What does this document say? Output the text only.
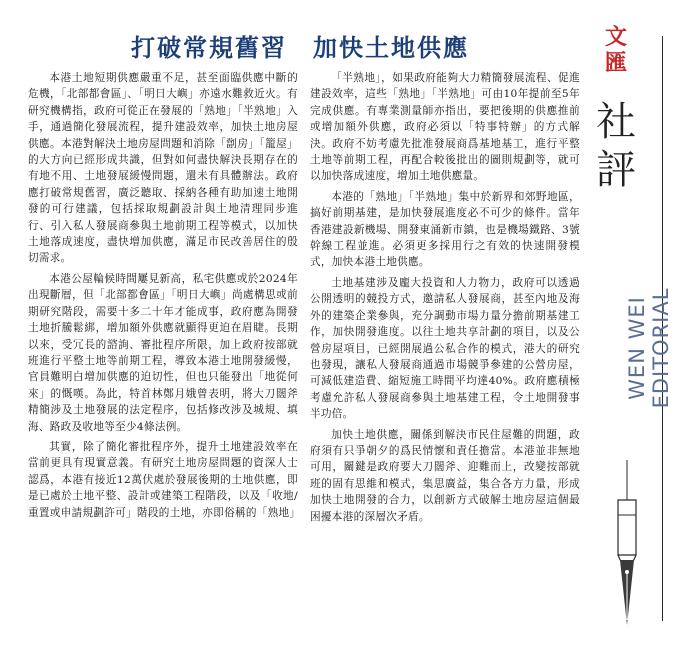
打破常規舊習　加快土地供應

本港土地短期供應嚴重不足，甚至面臨供應中斷的危機，「北部都會區」、「明日大嶼」亦遠水難救近火。有研究機構指，政府可從正在發展的「熟地」「半熟地」入手，通過簡化發展流程，提升建設效率，加快土地房屋供應。本港對解決土地房屋問題和消除「劏房」「籠屋」的大方向已經形成共識，但對如何盡快解決長期存在的有地不用、土地發展緩慢問題，還未有具體辦法。政府應打破常規舊習，廣泛聽取、採納各種有助加速土地開發的可行建議，包括採取規劃設計與土地清理同步進行、引入私人發展商參與土地前期工程等模式，以加快土地落成速度，盡快增加供應，滿足市民改善居住的殷切需求。

本港公屋輪候時間屢見新高，私宅供應或於2024年出現斷層，但「北部都會區」「明日大嶼」尚處構思或前期研究階段，需要十多二十年才能成事，政府應為開發土地折騰鬆綁，增加額外供應就顯得更迫在眉睫。長期以來，受冗長的諮詢、審批程序所限，加上政府按部就班進行平整土地等前期工程，導致本港土地開發緩慢，官員難明白增加供應的迫切性，但也只能發出「地從何來」的慨嘆。為此，特首林鄭月娥曾表明，將大刀闊斧精簡涉及土地發展的法定程序，包括修改涉及城規、填海、路政及收地等至少4條法例。

其實，除了簡化審批程序外，提升土地建設效率在當前更具有現實意義。有研究土地房屋問題的資深人士認爲，本港有接近12萬伏處於發展後期的土地供應，即是已處於土地平整、設計或建築工程階段，以及「收地/重置或申請規劃許可」階段的土地，亦即俗稱的「熟地」

「半熟地」，如果政府能夠大力精簡發展流程、促進建設效率，這些「熟地」「半熟地」可由10年提前至5年完成供應。有專業測量師亦指出，要把後期的供應推前或增加額外供應，政府必須以「特事特辦」的方式解決。政府不妨考慮先批准發展商爲基地基工，進行平整土地等前期工程，再配合較後批出的圖則規劃等，就可以加快落成速度，增加土地供應量。

本港的「熟地」「半熟地」集中於新界和郊野地區，搞好前期基建，是加快發展進度必不可少的條件。當年香港建設新機場、開發東涌新市鎮，也是機場鐵路、3號幹線工程並進。必須更多採用行之有效的快速開發模式，加快本港土地供應。

土地基建涉及龐大投資和人力物力，政府可以透過公開透明的競投方式，邀請私人發展商，甚至內地及海外的建築企業參與，充分調動市場力量分擔前期基建工作，加快開發進度。以往土地共享計劃的項目，以及公營房屋項目，已經開展過公私合作的模式，港大的研究也發現，讓私人發展商通過市場競爭參建的公營房屋，可減低建造費、縮短施工時間平均達40%。政府應積極考慮允許私人發展商參與土地基建工程，令土地開發事半功倍。

加快土地供應，關係到解決市民住屋難的問題，政府須有只爭朝夕的爲民情懷和責任擔當。本港並非無地可用，關鍵是政府要大刀闊斧、迎難而上，改變按部就班的固有思維和模式，集思廣益，集合各方力量，形成加快土地開發的合力，以創新方式破解土地房屋這個最困擾本港的深層次矛盾。

文匯
社評
WEN WEI EDITORIAL
